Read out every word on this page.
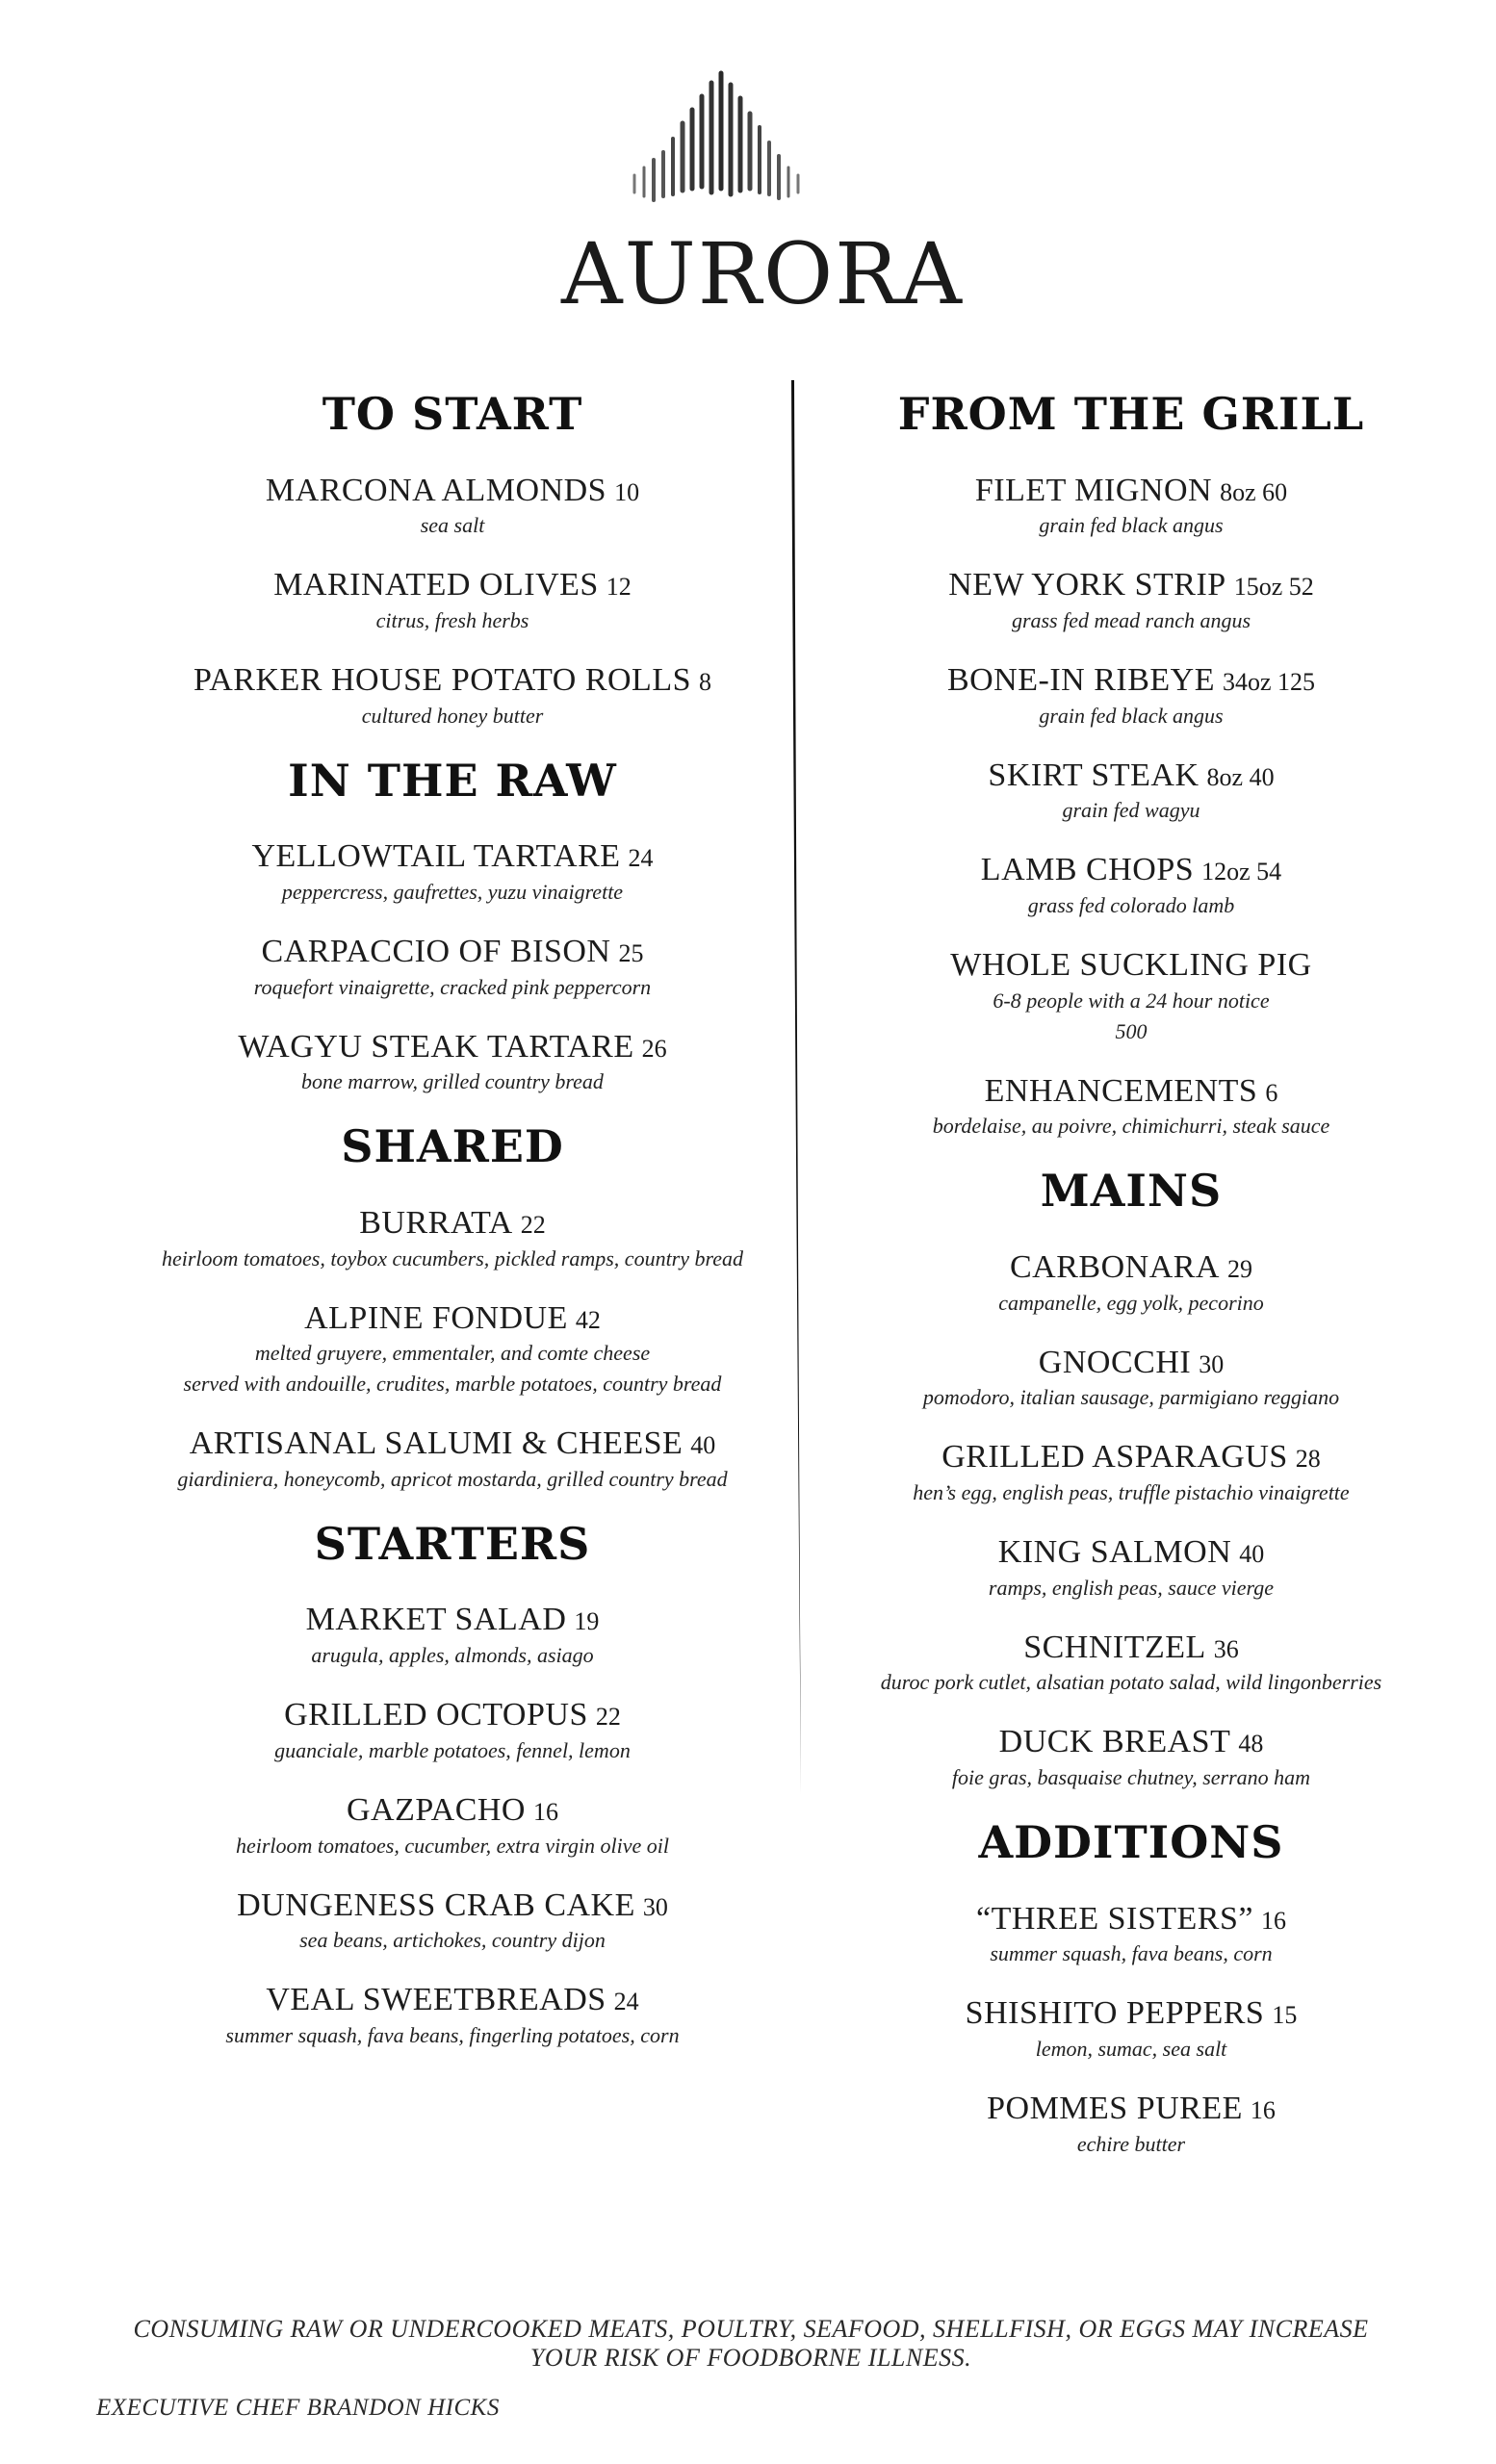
AURORA
TO START
MARCONA ALMONDS 10
sea salt
MARINATED OLIVES 12
citrus, fresh herbs
PARKER HOUSE POTATO ROLLS 8
cultured honey butter
IN THE RAW
YELLOWTAIL TARTARE 24
peppercress, gaufrettes, yuzu vinaigrette
CARPACCIO OF BISON 25
roquefort vinaigrette, cracked pink peppercorn
WAGYU STEAK TARTARE 26
bone marrow, grilled country bread
SHARED
BURRATA 22
heirloom tomatoes, toybox cucumbers, pickled ramps, country bread
ALPINE FONDUE 42
melted gruyere, emmentaler, and comte cheese
served with andouille, crudites, marble potatoes, country bread
ARTISANAL SALUMI & CHEESE 40
giardiniera, honeycomb, apricot mostarda, grilled country bread
STARTERS
MARKET SALAD 19
arugula, apples, almonds, asiago
GRILLED OCTOPUS 22
guanciale, marble potatoes, fennel, lemon
GAZPACHO 16
heirloom tomatoes, cucumber, extra virgin olive oil
DUNGENESS CRAB CAKE 30
sea beans, artichokes, country dijon
VEAL SWEETBREADS 24
summer squash, fava beans, fingerling potatoes, corn
FROM THE GRILL
FILET MIGNON 8oz 60
grain fed black angus
NEW YORK STRIP 15oz 52
grass fed mead ranch angus
BONE-IN RIBEYE 34oz 125
grain fed black angus
SKIRT STEAK 8oz 40
grain fed wagyu
LAMB CHOPS 12oz 54
grass fed colorado lamb
WHOLE SUCKLING PIG
6-8 people with a 24 hour notice
500
ENHANCEMENTS 6
bordelaise, au poivre, chimichurri, steak sauce
MAINS
CARBONARA 29
campanelle, egg yolk, pecorino
GNOCCHI 30
pomodoro, italian sausage, parmigiano reggiano
GRILLED ASPARAGUS 28
hen’s egg, english peas, truffle pistachio vinaigrette
KING SALMON 40
ramps, english peas, sauce vierge
SCHNITZEL 36
duroc pork cutlet, alsatian potato salad, wild lingonberries
DUCK BREAST 48
foie gras, basquaise chutney, serrano ham
ADDITIONS
“THREE SISTERS” 16
summer squash, fava beans, corn
SHISHITO PEPPERS 15
lemon, sumac, sea salt
POMMES PUREE 16
echire butter
CONSUMING RAW OR UNDERCOOKED MEATS, POULTRY, SEAFOOD, SHELLFISH, OR EGGS MAY INCREASE
YOUR RISK OF FOODBORNE ILLNESS.
EXECUTIVE CHEF BRANDON HICKS
